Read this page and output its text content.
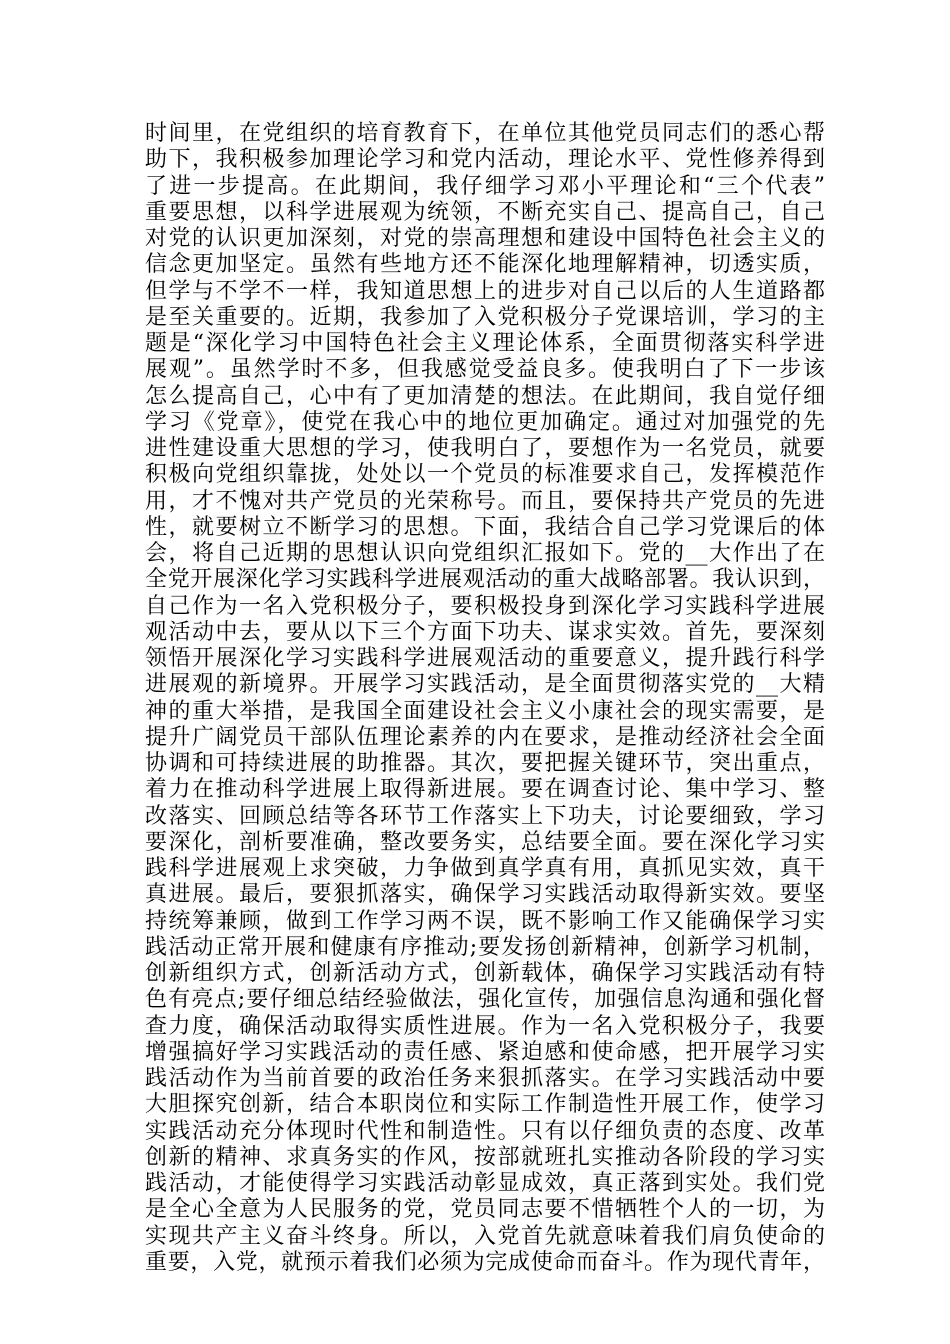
时间里，在党组织的培育教育下，在单位其他党员同志们的悉心帮
助下，我积极参加理论学习和党内活动，理论水平、党性修养得到
了进一步提高。在此期间，我仔细学习邓小平理论和“三个代表”
重要思想，以科学进展观为统领，不断充实自己、提高自己，自己
对党的认识更加深刻，对党的崇高理想和建设中国特色社会主义的
信念更加坚定。虽然有些地方还不能深化地理解精神，切透实质，
但学与不学不一样，我知道思想上的进步对自己以后的人生道路都
是至关重要的。近期，我参加了入党积极分子党课培训，学习的主
题是“深化学习中国特色社会主义理论体系，全面贯彻落实科学进
展观”。虽然学时不多，但我感觉受益良多。使我明白了下一步该
怎么提高自己，心中有了更加清楚的想法。在此期间，我自觉仔细
学习《党章》，使党在我心中的地位更加确定。通过对加强党的先
进性建设重大思想的学习，使我明白了，要想作为一名党员，就要
积极向党组织靠拢，处处以一个党员的标准要求自己，发挥模范作
用，才不愧对共产党员的光荣称号。而且，要保持共产党员的先进
性，就要树立不断学习的思想。下面，我结合自己学习党课后的体
会，将自己近期的思想认识向党组织汇报如下。党的__大作出了在
全党开展深化学习实践科学进展观活动的重大战略部署。我认识到，
自己作为一名入党积极分子，要积极投身到深化学习实践科学进展
观活动中去，要从以下三个方面下功夫、谋求实效。首先，要深刻
领悟开展深化学习实践科学进展观活动的重要意义，提升践行科学
进展观的新境界。开展学习实践活动，是全面贯彻落实党的__大精
神的重大举措，是我国全面建设社会主义小康社会的现实需要，是
提升广阔党员干部队伍理论素养的内在要求，是推动经济社会全面
协调和可持续进展的助推器。其次，要把握关键环节，突出重点，
着力在推动科学进展上取得新进展。要在调查讨论、集中学习、整
改落实、回顾总结等各环节工作落实上下功夫，讨论要细致，学习
要深化，剖析要准确，整改要务实，总结要全面。要在深化学习实
践科学进展观上求突破，力争做到真学真有用，真抓见实效，真干
真进展。最后，要狠抓落实，确保学习实践活动取得新实效。要坚
持统筹兼顾，做到工作学习两不误，既不影响工作又能确保学习实
践活动正常开展和健康有序推动;要发扬创新精神，创新学习机制，
创新组织方式，创新活动方式，创新载体，确保学习实践活动有特
色有亮点;要仔细总结经验做法，强化宣传，加强信息沟通和强化督
查力度，确保活动取得实质性进展。作为一名入党积极分子，我要
增强搞好学习实践活动的责任感、紧迫感和使命感，把开展学习实
践活动作为当前首要的政治任务来狠抓落实。在学习实践活动中要
大胆探究创新，结合本职岗位和实际工作制造性开展工作，使学习
实践活动充分体现时代性和制造性。只有以仔细负责的态度、改革
创新的精神、求真务实的作风，按部就班扎实推动各阶段的学习实
践活动，才能使得学习实践活动彰显成效，真正落到实处。我们党
是全心全意为人民服务的党，党员同志要不惜牺牲个人的一切，为
实现共产主义奋斗终身。所以，入党首先就意味着我们肩负使命的
重要，入党，就预示着我们必须为完成使命而奋斗。作为现代青年，
